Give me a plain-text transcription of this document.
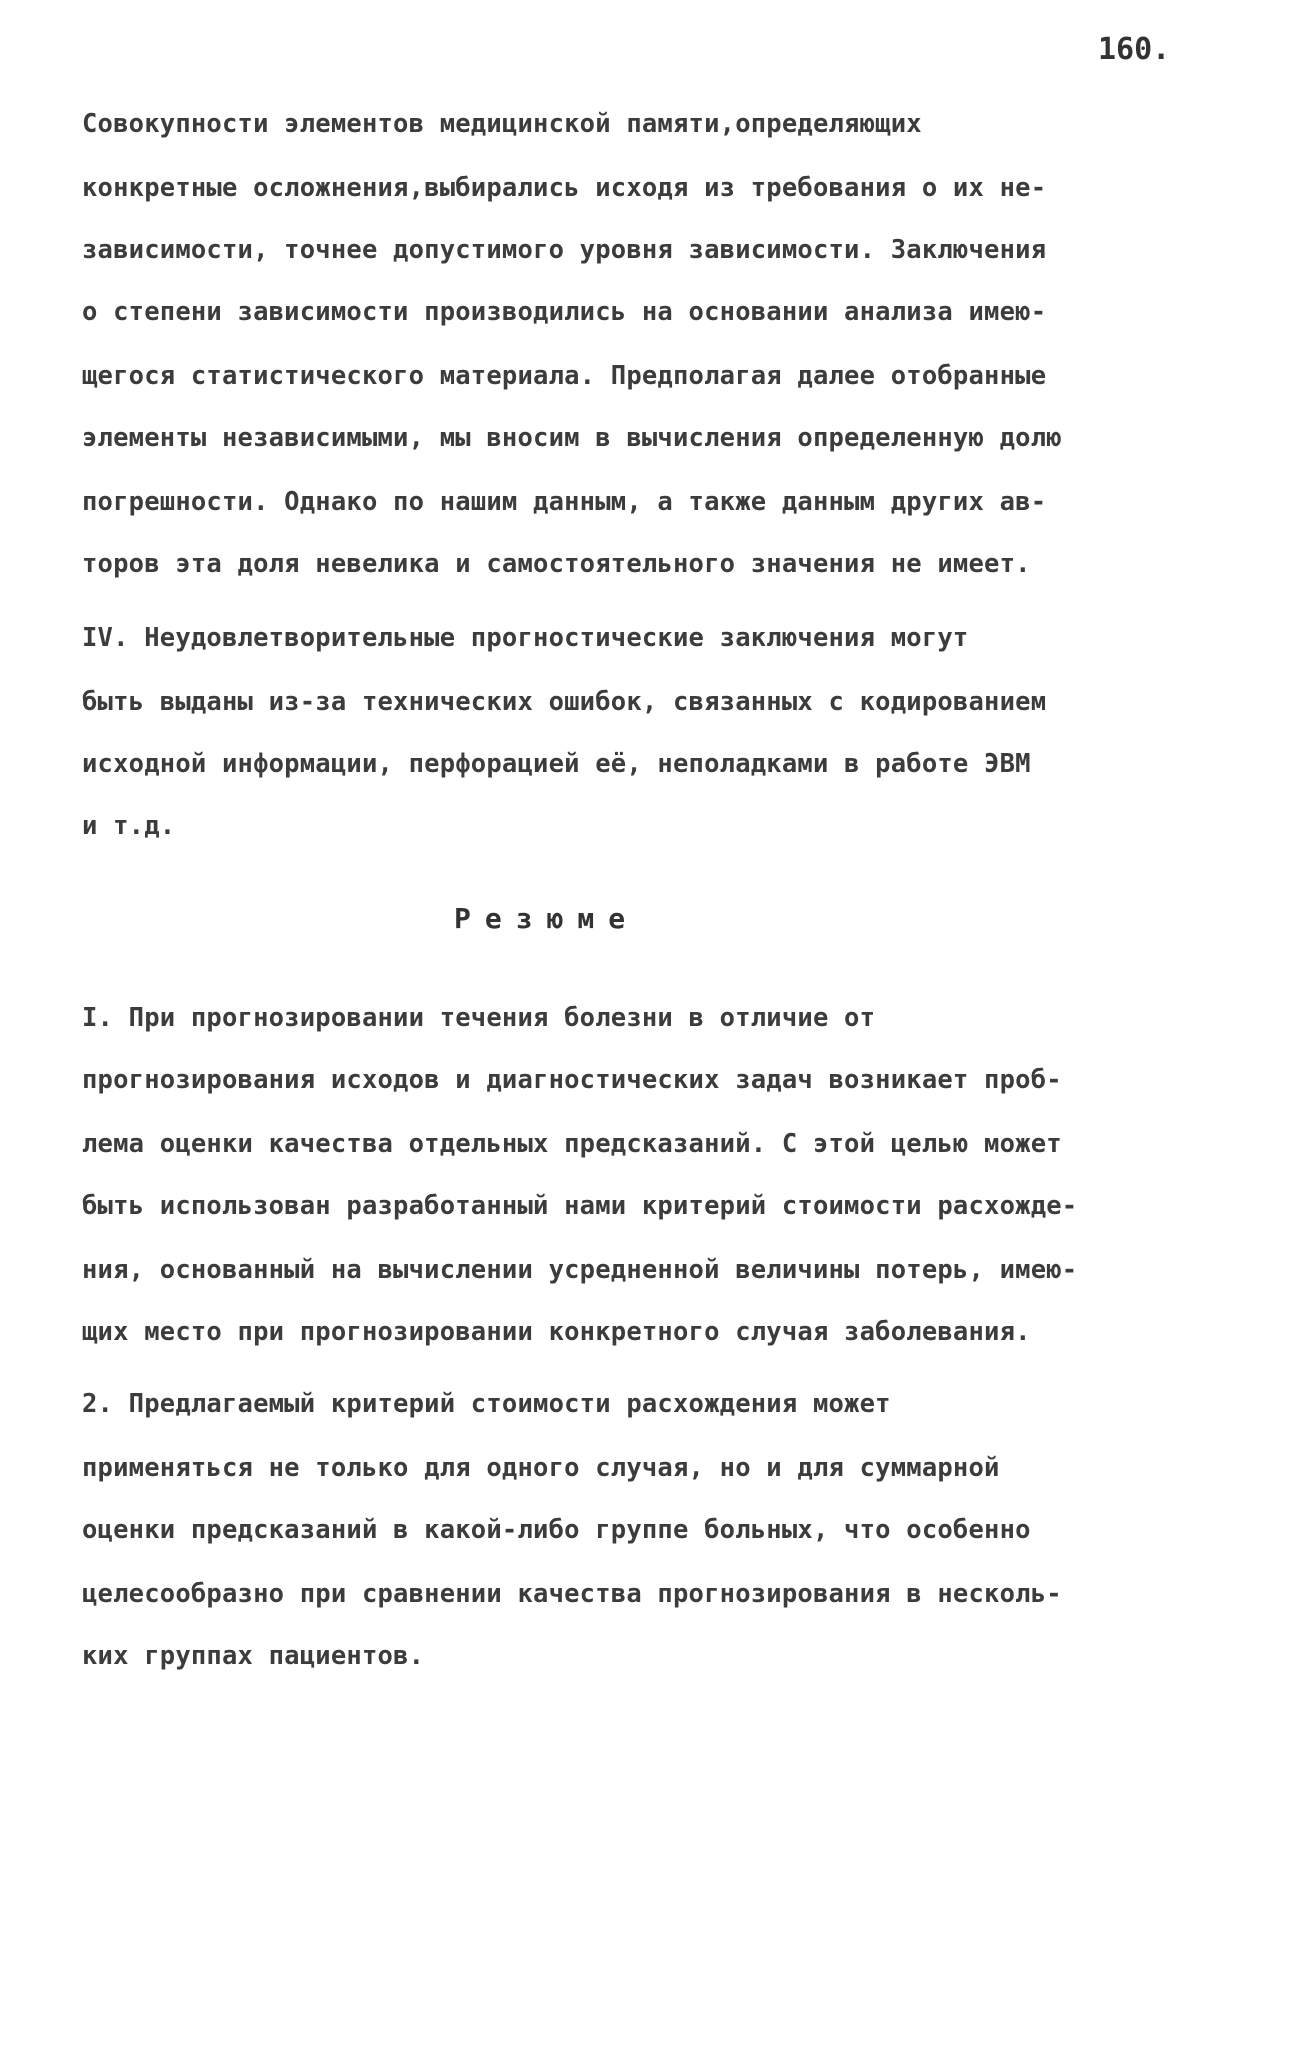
160.
Совокупности элементов медицинской памяти,определяющих
конкретные осложнения,выбирались исходя из требования о их не-
зависимости, точнее допустимого уровня зависимости. Заключения
о степени зависимости производились на основании анализа имею-
щегося статистического материала. Предполагая далее отобранные
элементы независимыми, мы вносим в вычисления определенную долю
погрешности. Однако по нашим данным, а также данным других ав-
торов эта доля невелика и самостоятельного значения не имеет.
IV. Неудовлетворительные прогностические заключения могут
быть выданы из-за технических ошибок, связанных с кодированием
исходной информации, перфорацией её, неполадками в работе ЭВМ
и т.д.
Резюме
I. При прогнозировании течения болезни в отличие от
прогнозирования исходов и диагностических задач возникает проб-
лема оценки качества отдельных предсказаний. С этой целью может
быть использован разработанный нами критерий стоимости расхожде-
ния, основанный на вычислении усредненной величины потерь, имею-
щих место при прогнозировании конкретного случая заболевания.
2. Предлагаемый критерий стоимости расхождения может
применяться не только для одного случая, но и для суммарной
оценки предсказаний в какой-либо группе больных, что особенно
целесообразно при сравнении качества прогнозирования в несколь-
ких группах пациентов.
